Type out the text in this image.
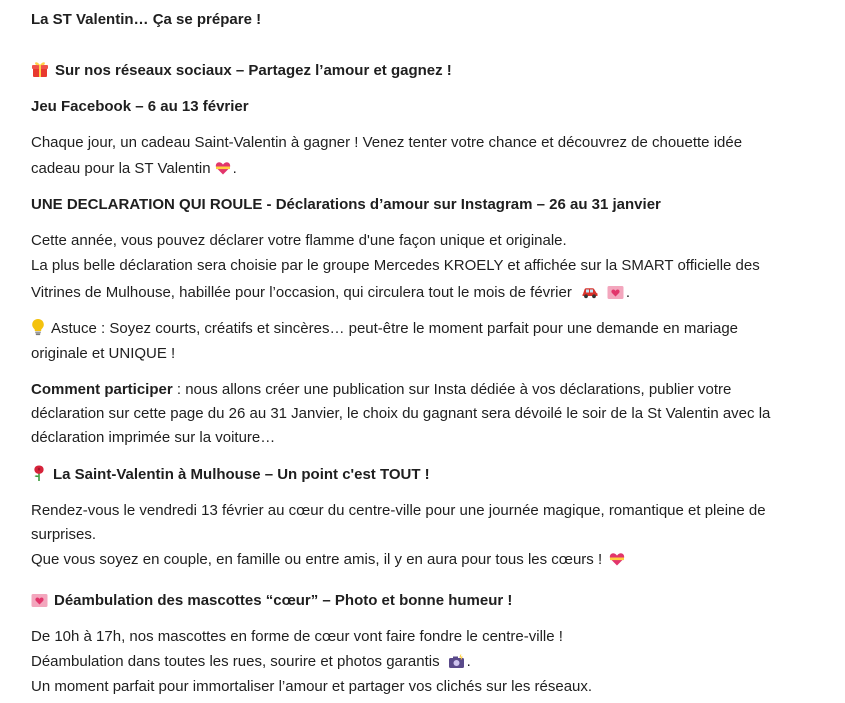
La ST Valentin… Ça se prépare !
Sur nos réseaux sociaux – Partagez l’amour et gagnez !
Jeu Facebook – 6 au 13 février
Chaque jour, un cadeau Saint-Valentin à gagner ! Venez tenter votre chance et découvrez de chouette idée
cadeau pour la ST Valentin .
UNE DECLARATION QUI ROULE - Déclarations d’amour sur Instagram – 26 au 31 janvier
Cette année, vous pouvez déclarer votre flamme d'une façon unique et originale.
La plus belle déclaration sera choisie par le groupe Mercedes KROELY et affichée sur la SMART officielle des
Vitrines de Mulhouse, habillée pour l’occasion, qui circulera tout le mois de février	.
Astuce : Soyez courts, créatifs et sincères… peut-être le moment parfait pour une demande en mariage
originale et UNIQUE !
Comment participer : nous allons créer une publication sur Insta dédiée à vos déclarations, publier votre
déclaration sur cette page du 26 au 31 Janvier, le choix du gagnant sera dévoilé le soir de la St Valentin avec la
déclaration imprimée sur la voiture…
La Saint-Valentin à Mulhouse – Un point c'est TOUT !
Rendez-vous le vendredi 13 février au cœur du centre-ville pour une journée magique, romantique et pleine de
surprises.
Que vous soyez en couple, en famille ou entre amis, il y en aura pour tous les cœurs !
Déambulation des mascottes “cœur” – Photo et bonne humeur !
De 10h à 17h, nos mascottes en forme de cœur vont faire fondre le centre-ville !
Déambulation dans toutes les rues, sourire et photos garantis .
Un moment parfait pour immortaliser l’amour et partager vos clichés sur les réseaux.
